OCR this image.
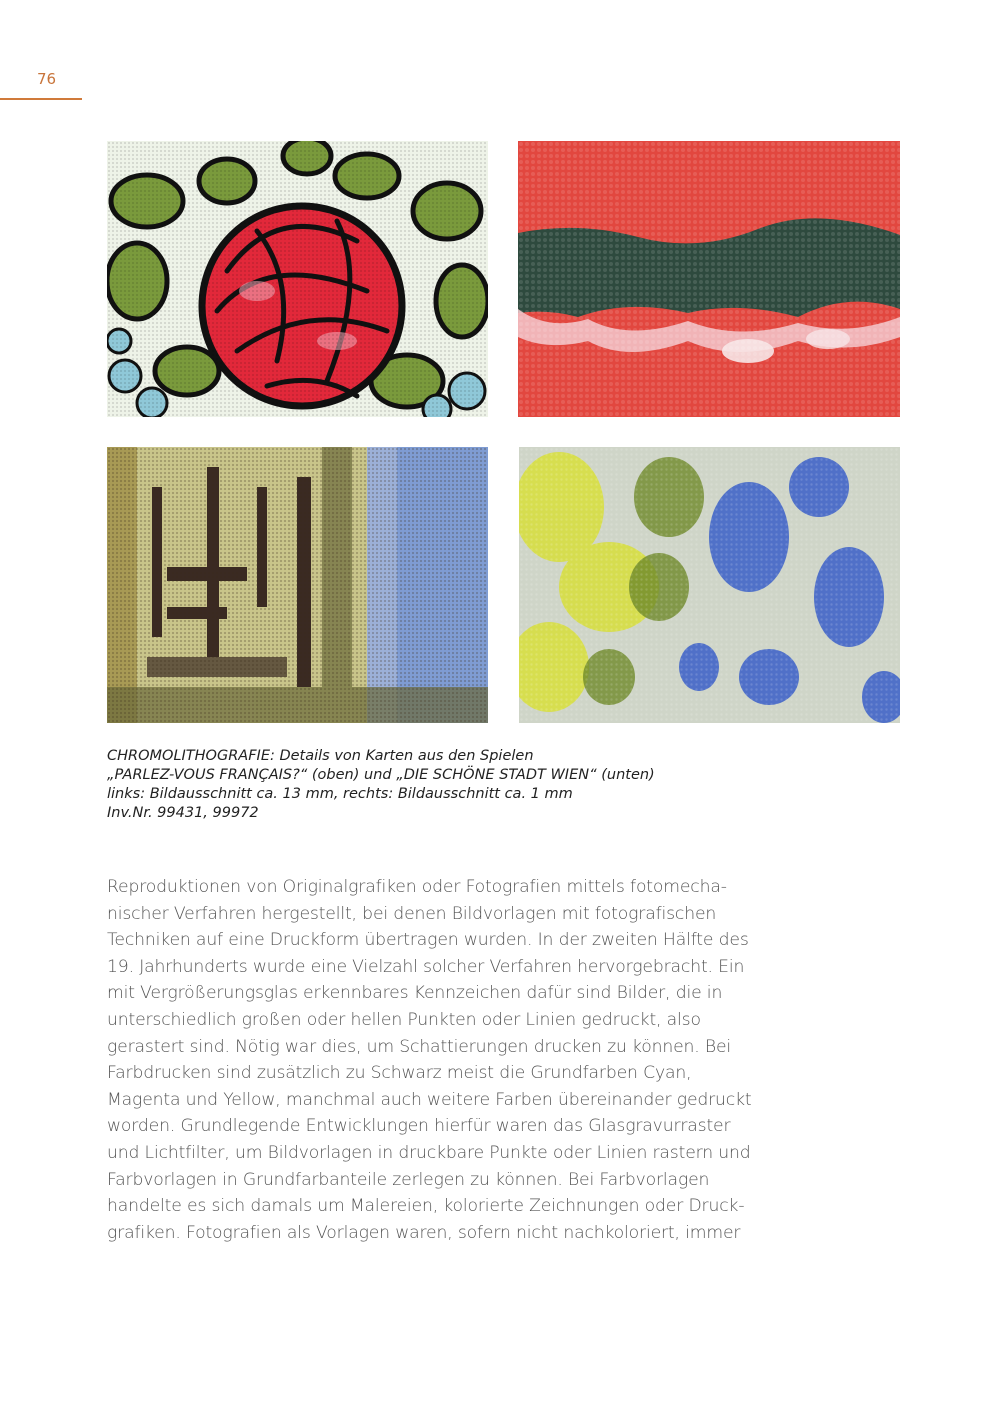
76
CHROMOLITHOGRAFIE: Details von Karten aus den Spielen
„PARLEZ-VOUS FRANÇAIS?“ (oben) und „DIE SCHÖNE STADT WIEN“ (unten)
links: Bildausschnitt ca. 13 mm, rechts: Bildausschnitt ca. 1 mm
Inv.Nr. 99431, 99972
Reproduktionen von Originalgrafiken oder Fotografien mittels fotomecha-
nischer Verfahren hergestellt, bei denen Bildvorlagen mit fotografischen
Techniken auf eine Druckform übertragen wurden. In der zweiten Hälfte des
19. Jahrhunderts wurde eine Vielzahl solcher Verfahren hervorgebracht. Ein
mit Vergrößerungsglas erkennbares Kennzeichen dafür sind Bilder, die in
unterschiedlich großen oder hellen Punkten oder Linien gedruckt, also
gerastert sind. Nötig war dies, um Schattierungen drucken zu können. Bei
Farbdrucken sind zusätzlich zu Schwarz meist die Grundfarben Cyan,
Magenta und Yellow, manchmal auch weitere Farben übereinander gedruckt
worden. Grundlegende Entwicklungen hierfür waren das Glasgravurraster
und Lichtfilter, um Bildvorlagen in druckbare Punkte oder Linien rastern und
Farbvorlagen in Grundfarbanteile zerlegen zu können. Bei Farbvorlagen
handelte es sich damals um Malereien, kolorierte Zeichnungen oder Druck-
grafiken. Fotografien als Vorlagen waren, sofern nicht nachkoloriert, immer
